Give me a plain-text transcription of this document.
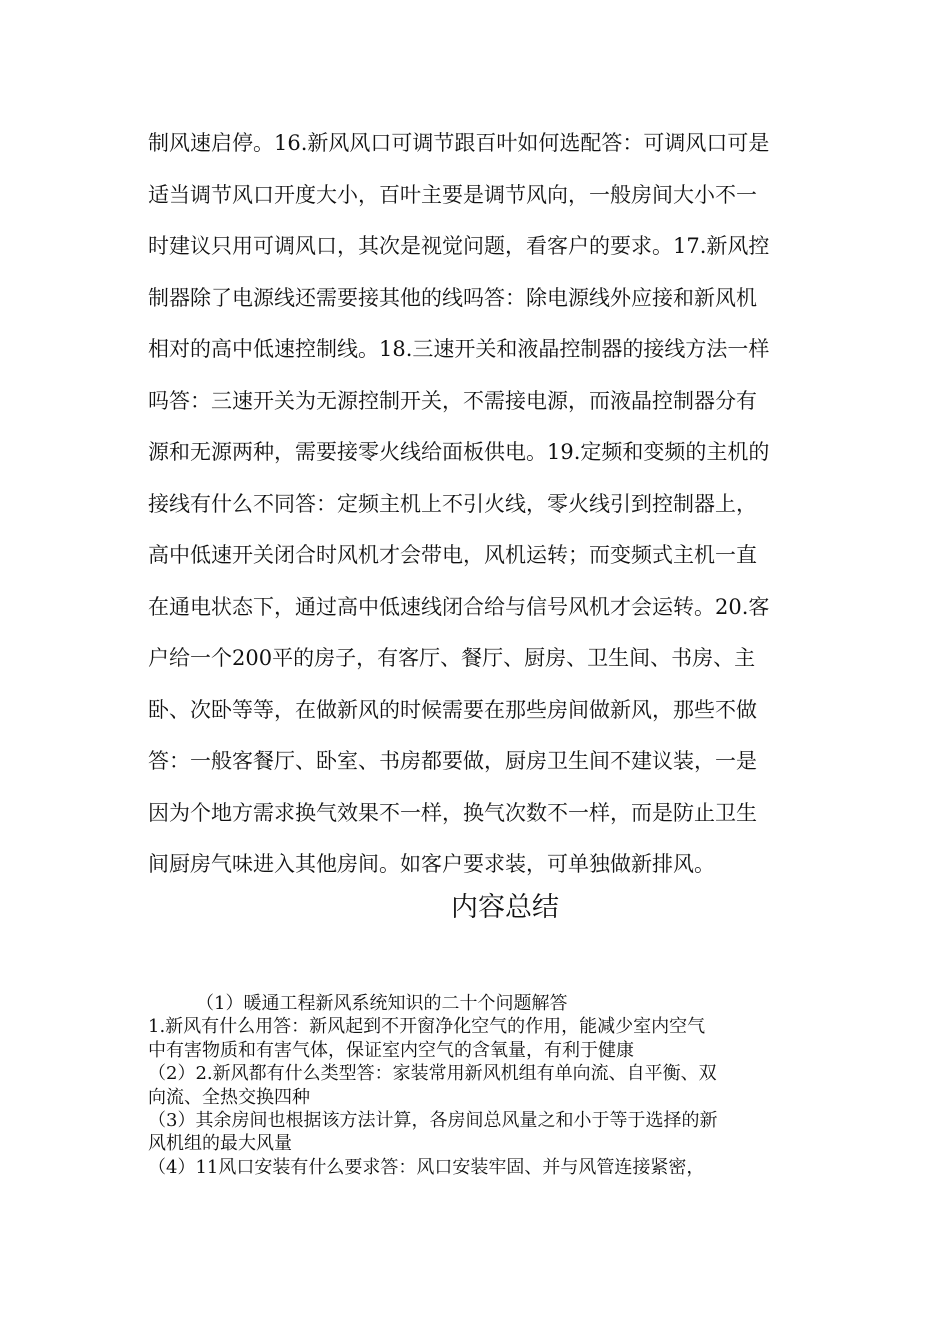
制风速启停。16.新风风口可调节跟百叶如何选配答：可调风口可是
适当调节风口开度大小，百叶主要是调节风向，一般房间大小不一
时建议只用可调风口，其次是视觉问题，看客户的要求。17.新风控
制器除了电源线还需要接其他的线吗答：除电源线外应接和新风机
相对的高中低速控制线。18.三速开关和液晶控制器的接线方法一样
吗答：三速开关为无源控制开关，不需接电源，而液晶控制器分有
源和无源两种，需要接零火线给面板供电。19.定频和变频的主机的
接线有什么不同答：定频主机上不引火线，零火线引到控制器上，
高中低速开关闭合时风机才会带电，风机运转；而变频式主机一直
在通电状态下，通过高中低速线闭合给与信号风机才会运转。20.客
户给一个200平的房子，有客厅、餐厅、厨房、卫生间、书房、主
卧、次卧等等，在做新风的时候需要在那些房间做新风，那些不做
答：一般客餐厅、卧室、书房都要做，厨房卫生间不建议装，一是
因为个地方需求换气效果不一样，换气次数不一样，而是防止卫生
间厨房气味进入其他房间。如客户要求装，可单独做新排风。
内容总结
（1）暖通工程新风系统知识的二十个问题解答
1.新风有什么用答：新风起到不开窗净化空气的作用，能减少室内空气
中有害物质和有害气体，保证室内空气的含氧量，有利于健康
（2）2.新风都有什么类型答：家装常用新风机组有单向流、自平衡、双
向流、全热交换四种
（3）其余房间也根据该方法计算，各房间总风量之和小于等于选择的新
风机组的最大风量
（4）11风口安装有什么要求答：风口安装牢固、并与风管连接紧密，
